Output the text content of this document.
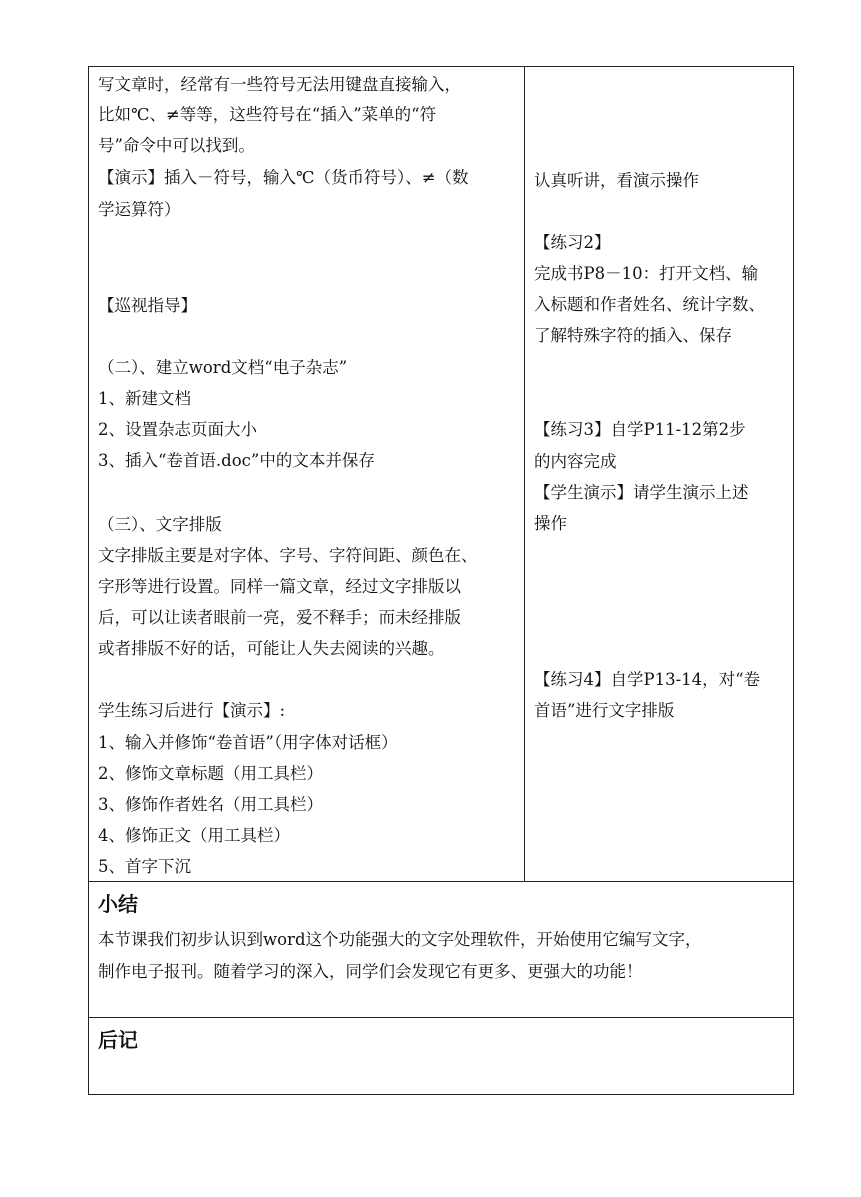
写文章时，经常有一些符号无法用键盘直接输入，
比如℃、≠等等，这些符号在“插入”菜单的“符
号”命令中可以找到。
【演示】插入－符号，输入℃（货币符号）、≠（数
学运算符）
【巡视指导】
（二）、建立word文档“电子杂志”
1、新建文档
2、设置杂志页面大小
3、插入“卷首语.doc”中的文本并保存
（三）、文字排版
文字排版主要是对字体、字号、字符间距、颜色在、
字形等进行设置。同样一篇文章，经过文字排版以
后，可以让读者眼前一亮，爱不释手；而未经排版
或者排版不好的话，可能让人失去阅读的兴趣。
学生练习后进行【演示】:
1、输入并修饰“卷首语”（用字体对话框）
2、修饰文章标题（用工具栏）
3、修饰作者姓名（用工具栏）
4、修饰正文（用工具栏）
5、首字下沉
认真听讲，看演示操作
【练习2】
完成书P8－10：打开文档、输
入标题和作者姓名、统计字数、
了解特殊字符的插入、保存
【练习3】自学P11-12第2步
的内容完成
【学生演示】请学生演示上述
操作
【练习4】自学P13-14，对“卷
首语”进行文字排版
小结
本节课我们初步认识到word这个功能强大的文字处理软件，开始使用它编写文字，
制作电子报刊。随着学习的深入，同学们会发现它有更多、更强大的功能！
后记
